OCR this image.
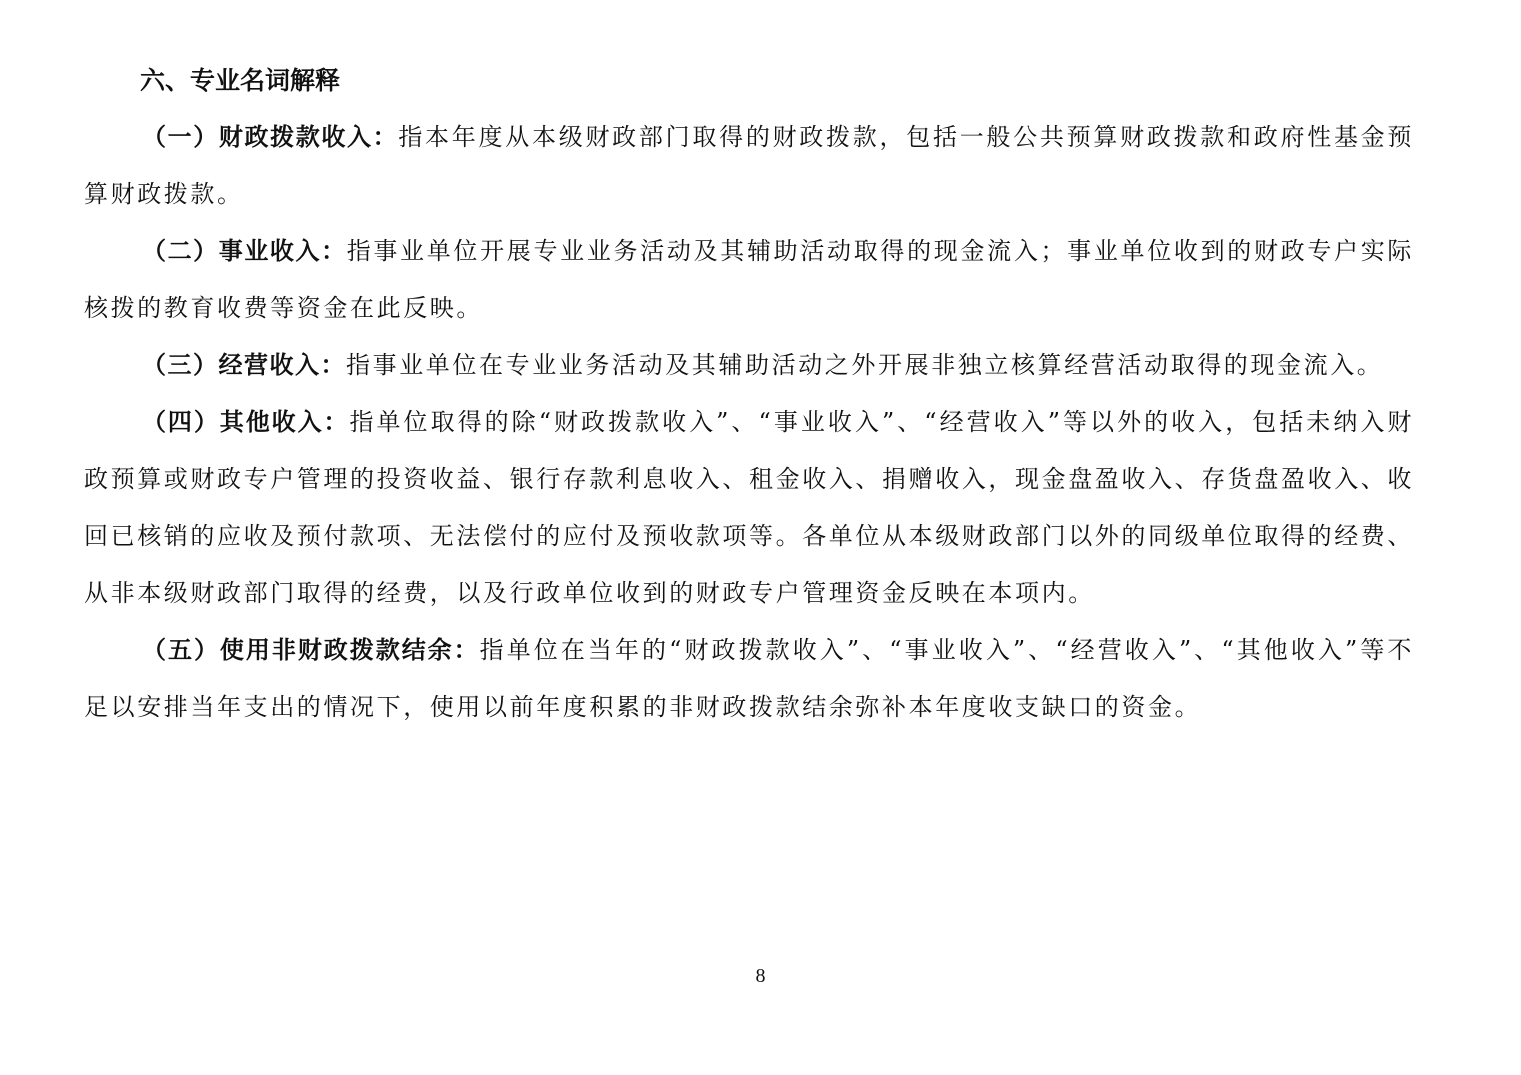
六、专业名词解释

（一）财政拨款收入：指本年度从本级财政部门取得的财政拨款，包括一般公共预算财政拨款和政府性基金预算财政拨款。

（二）事业收入：指事业单位开展专业业务活动及其辅助活动取得的现金流入；事业单位收到的财政专户实际核拨的教育收费等资金在此反映。

（三）经营收入：指事业单位在专业业务活动及其辅助活动之外开展非独立核算经营活动取得的现金流入。

（四）其他收入：指单位取得的除“财政拨款收入”、“事业收入”、“经营收入”等以外的收入，包括未纳入财政预算或财政专户管理的投资收益、银行存款利息收入、租金收入、捐赠收入，现金盘盈收入、存货盘盈收入、收回已核销的应收及预付款项、无法偿付的应付及预收款项等。各单位从本级财政部门以外的同级单位取得的经费、从非本级财政部门取得的经费，以及行政单位收到的财政专户管理资金反映在本项内。

（五）使用非财政拨款结余：指单位在当年的“财政拨款收入”、“事业收入”、“经营收入”、“其他收入”等不足以安排当年支出的情况下，使用以前年度积累的非财政拨款结余弥补本年度收支缺口的资金。

8
